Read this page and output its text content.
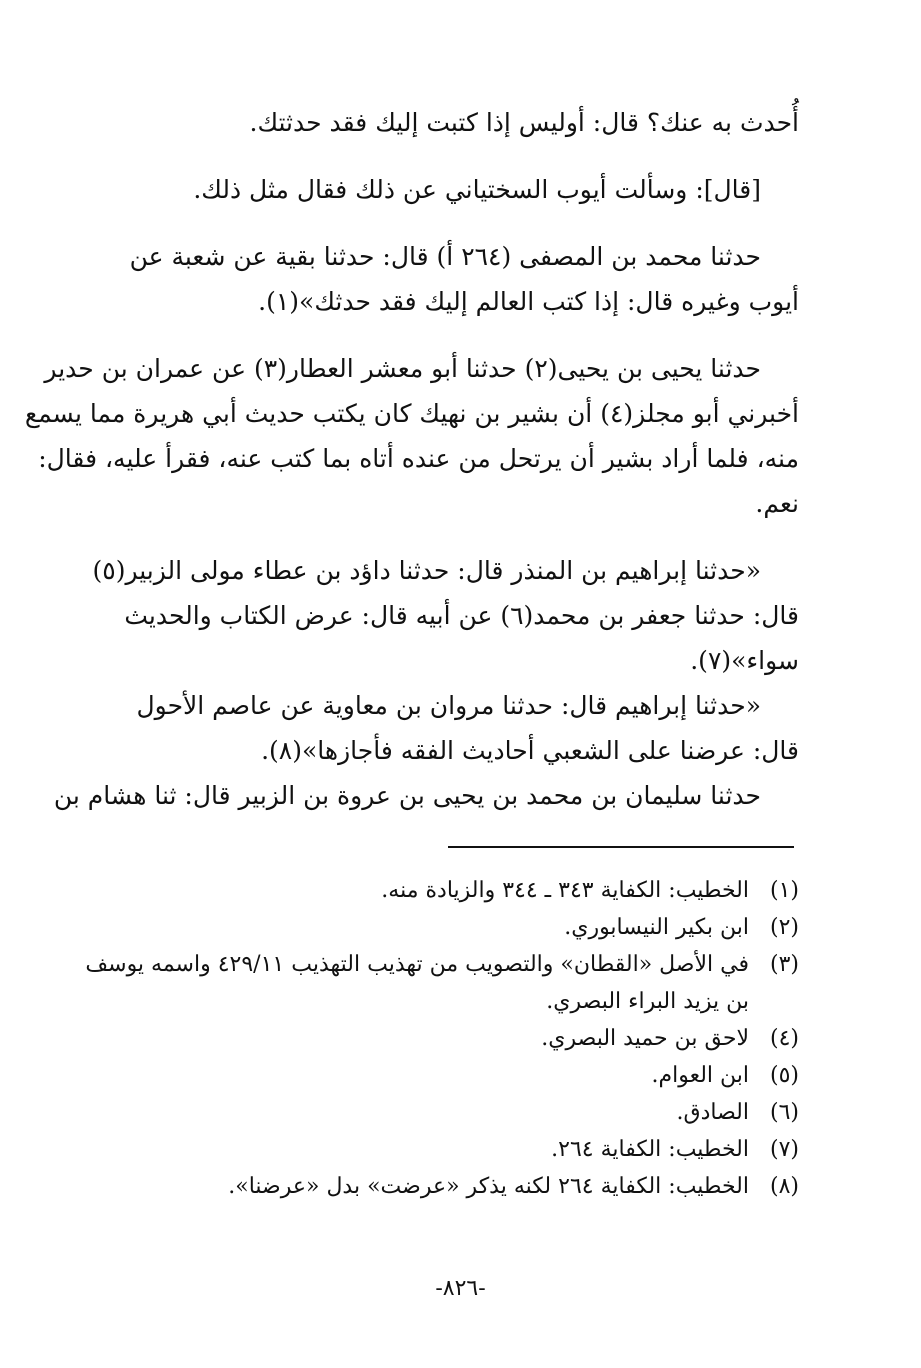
أُحدث به عنك؟ قال: أوليس إذا كتبت إليك فقد حدثتك.
[قال]: وسألت أيوب السختياني عن ذلك فقال مثل ذلك.
حدثنا محمد بن المصفى (٢٦٤ أ) قال: حدثنا بقية عن شعبة عن
أيوب وغيره قال: إذا كتب العالم إليك فقد حدثك»(١).
حدثنا يحيى بن يحيى(٢) حدثنا أبو معشر العطار(٣) عن عمران بن حدير
أخبرني أبو مجلز(٤) أن بشير بن نهيك كان يكتب حديث أبي هريرة مما يسمع
منه، فلما أراد بشير أن يرتحل من عنده أتاه بما كتب عنه، فقرأ عليه، فقال:
نعم.
«حدثنا إبراهيم بن المنذر قال: حدثنا داؤد بن عطاء مولى الزبير(٥)
قال: حدثنا جعفر بن محمد(٦) عن أبيه قال: عرض الكتاب والحديث
سواء»(٧).
«حدثنا إبراهيم قال: حدثنا مروان بن معاوية عن عاصم الأحول
قال: عرضنا على الشعبي أحاديث الفقه فأجازها»(٨).
حدثنا سليمان بن محمد بن يحيى بن عروة بن الزبير قال: ثنا هشام بن
(١)
الخطيب: الكفاية ٣٤٣ ـ ٣٤٤ والزيادة منه.
(٢)
ابن بكير النيسابوري.
(٣)
في الأصل «القطان» والتصويب من تهذيب التهذيب ٤٢٩/١١ واسمه يوسف
بن يزيد البراء البصري.
(٤)
لاحق بن حميد البصري.
(٥)
ابن العوام.
(٦)
الصادق.
(٧)
الخطيب: الكفاية ٢٦٤.
(٨)
الخطيب: الكفاية ٢٦٤ لكنه يذكر «عرضت» بدل «عرضنا».
-٨٢٦-
